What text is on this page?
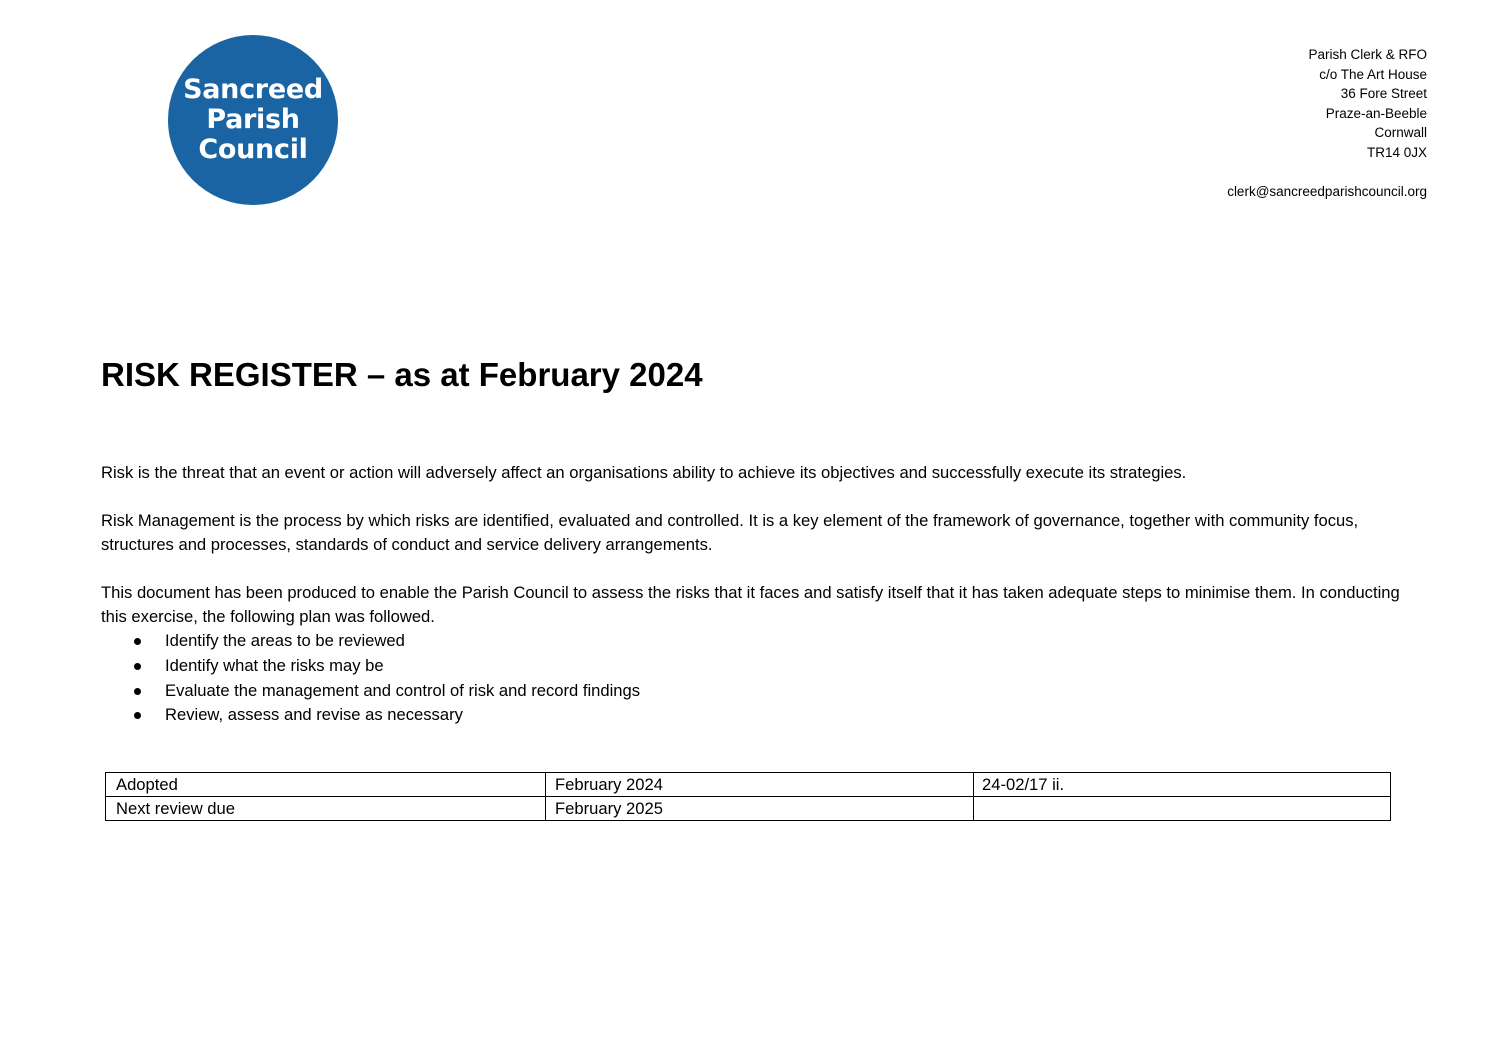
Sancreed
Parish
Council
Parish Clerk & RFO
c/o The Art House
36 Fore Street
Praze-an-Beeble
Cornwall
TR14 0JX
clerk@sancreedparishcouncil.org
RISK REGISTER – as at February 2024

Risk is the threat that an event or action will adversely affect an organisations ability to achieve its objectives and successfully execute its strategies.

Risk Management is the process by which risks are identified, evaluated and controlled. It is a key element of the framework of governance, together with community focus, structures and processes, standards of conduct and service delivery arrangements.

This document has been produced to enable the Parish Council to assess the risks that it faces and satisfy itself that it has taken adequate steps to minimise them. In conducting this exercise, the following plan was followed.

Identify the areas to be reviewed
Identify what the risks may be
Evaluate the management and control of risk and record findings
Review, assess and revise as necessary
Adopted	February 2024	24-02/17 ii.
Next review due	February 2025	
